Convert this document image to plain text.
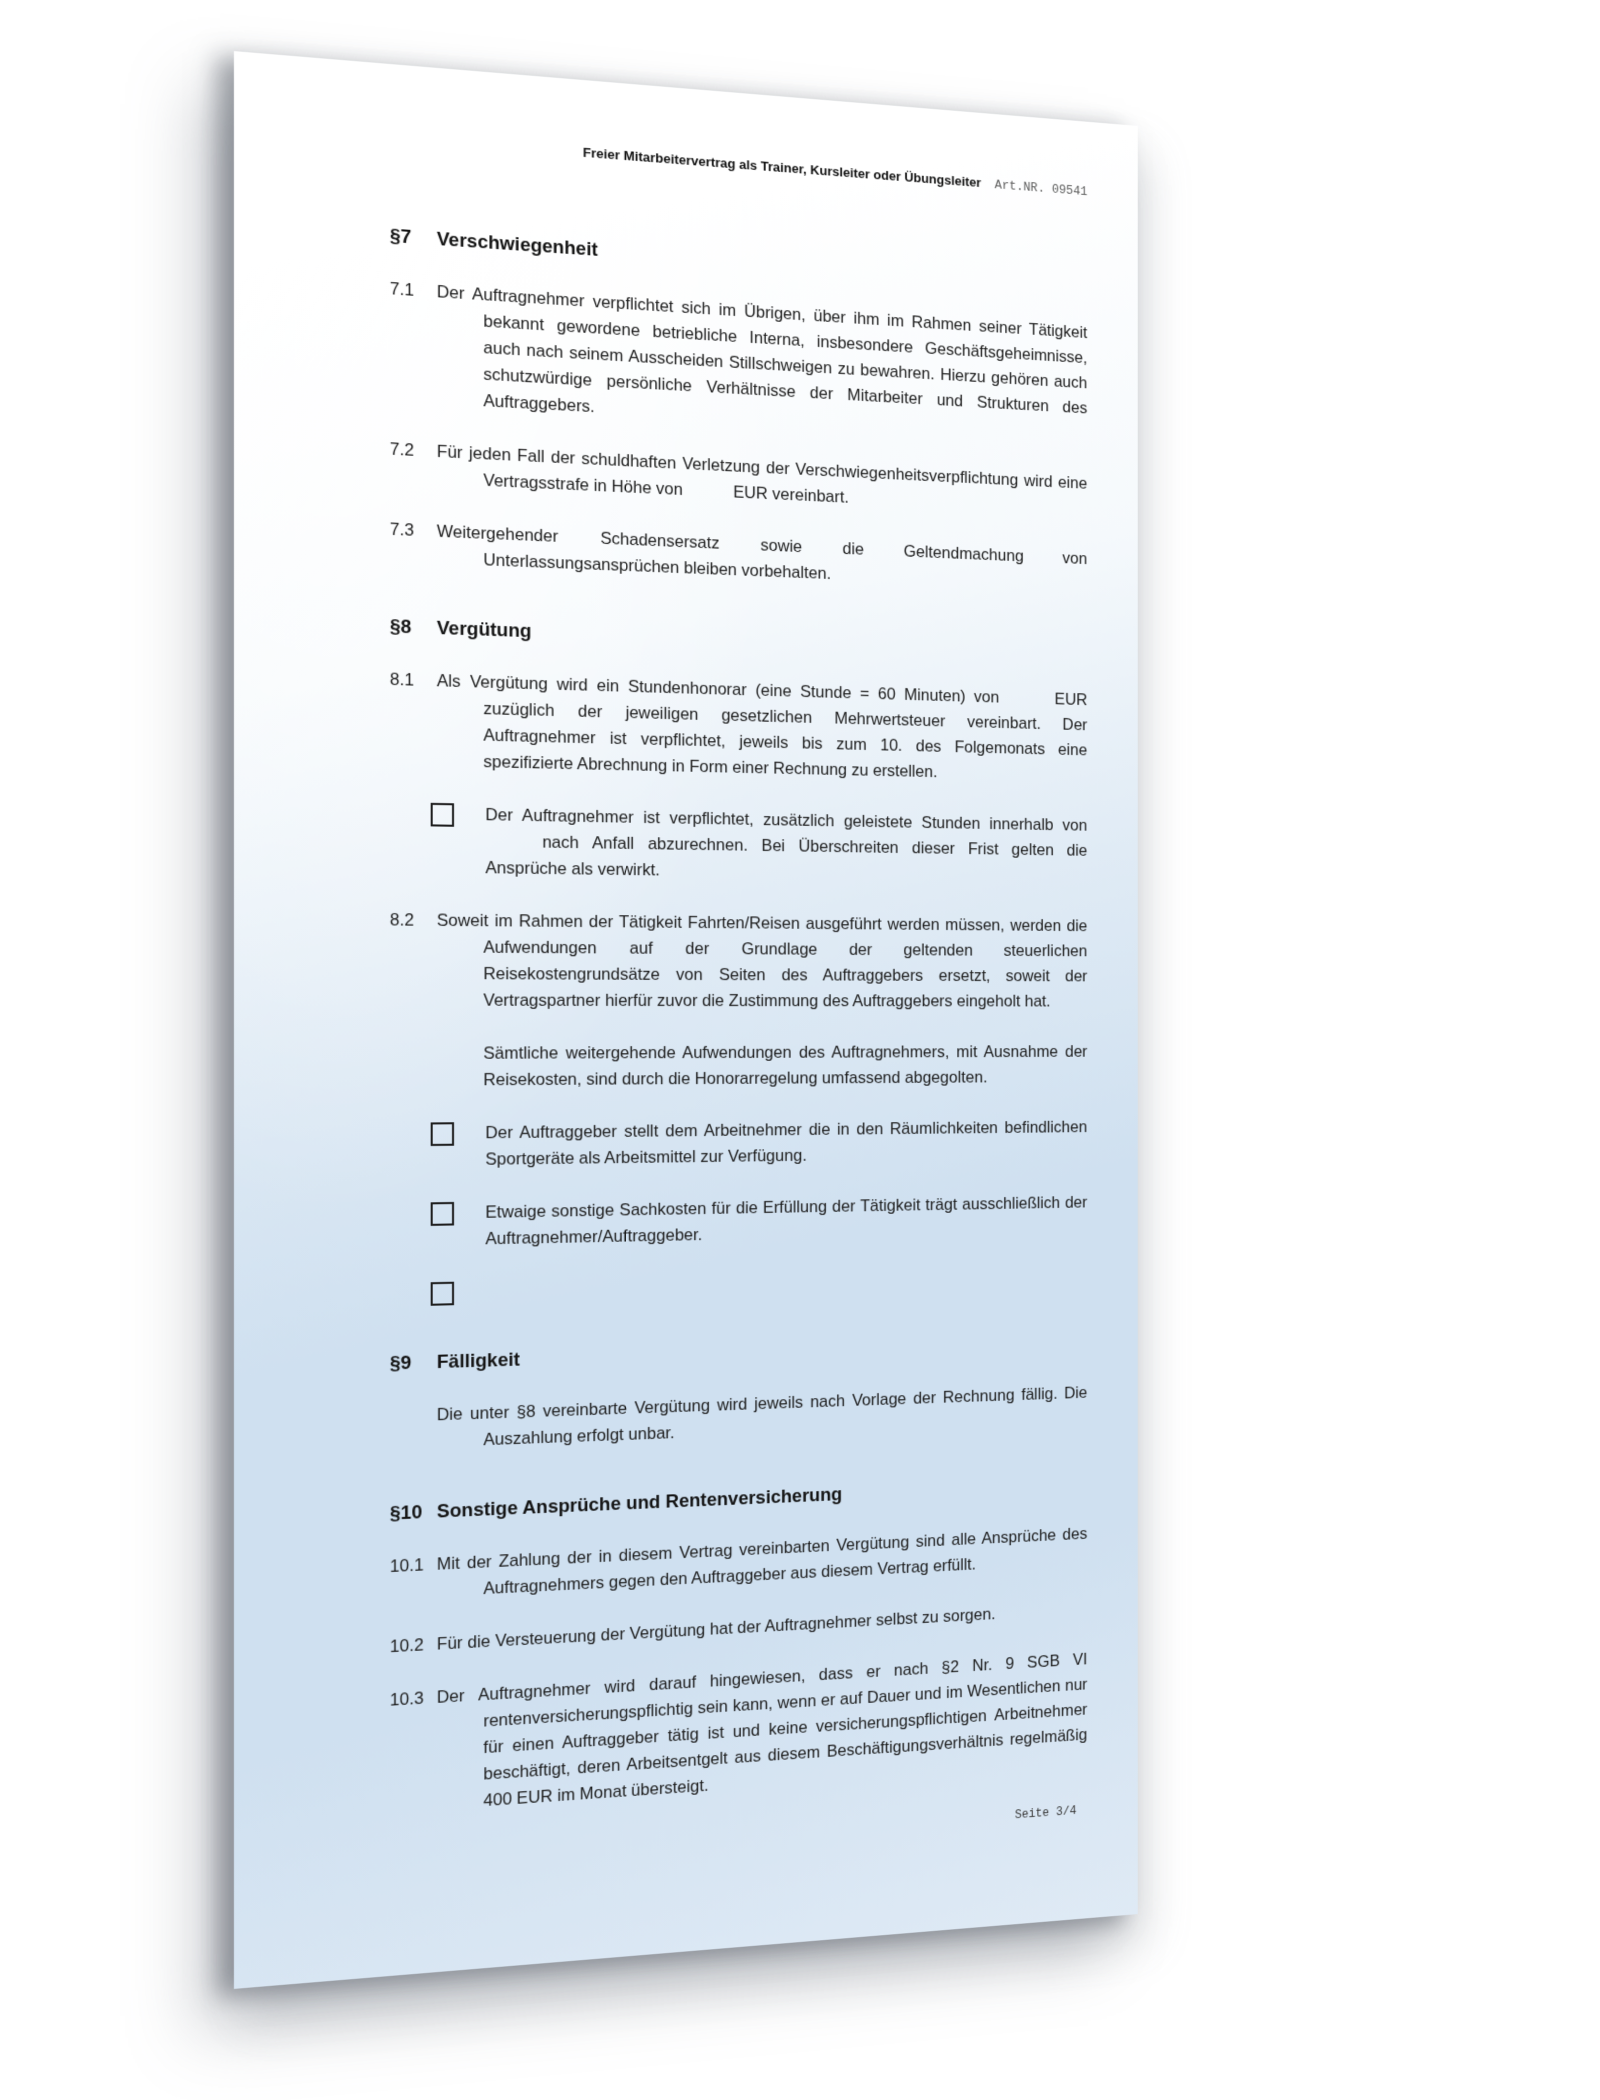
Freier Mitarbeitervertrag als Trainer, Kursleiter oder Übungsleiter Art.NR. 09541
§7	Verschwiegenheit
7.1	Der Auftragnehmer verpflichtet sich im Übrigen, über ihm im Rahmen seiner Tätigkeit bekannt gewordene betriebliche Interna, insbesondere Geschäftsgeheimnisse, auch nach seinem Ausscheiden Stillschweigen zu bewahren. Hierzu gehören auch schutzwürdige persönliche Verhältnisse der Mitarbeiter und Strukturen des Auftraggebers.
7.2	Für jeden Fall der schuldhaften Verletzung der Verschwiegenheitsverpflichtung wird eine Vertragsstrafe in Höhe von     EUR vereinbart.
7.3	Weitergehender Schadensersatz sowie die Geltendmachung von Unterlassungsansprüchen bleiben vorbehalten.
§8	Vergütung
8.1	Als Vergütung wird ein Stundenhonorar (eine Stunde = 60 Minuten) von     EUR zuzüglich der jeweiligen gesetzlichen Mehrwertsteuer vereinbart. Der Auftragnehmer ist verpflichtet, jeweils bis zum 10. des Folgemonats eine spezifizierte Abrechnung in Form einer Rechnung zu erstellen.
Der Auftragnehmer ist verpflichtet, zusätzlich geleistete Stunden innerhalb von     nach Anfall abzurechnen. Bei Überschreiten dieser Frist gelten die Ansprüche als verwirkt.
8.2	Soweit im Rahmen der Tätigkeit Fahrten/Reisen ausgeführt werden müssen, werden die Aufwendungen auf der Grundlage der geltenden steuerlichen Reisekostengrundsätze von Seiten des Auftraggebers ersetzt, soweit der Vertragspartner hierfür zuvor die Zustimmung des Auftraggebers eingeholt hat.
Sämtliche weitergehende Aufwendungen des Auftragnehmers, mit Ausnahme der Reisekosten, sind durch die Honorarregelung umfassend abgegolten.
Der Auftraggeber stellt dem Arbeitnehmer die in den Räumlichkeiten befindlichen Sportgeräte als Arbeitsmittel zur Verfügung.
Etwaige sonstige Sachkosten für die Erfüllung der Tätigkeit trägt ausschließlich der Auftragnehmer/Auftraggeber.
§9	Fälligkeit
Die unter §8 vereinbarte Vergütung wird jeweils nach Vorlage der Rechnung fällig. Die Auszahlung erfolgt unbar.
§10 Sonstige Ansprüche und Rentenversicherung
10.1 Mit der Zahlung der in diesem Vertrag vereinbarten Vergütung sind alle Ansprüche des Auftragnehmers gegen den Auftraggeber aus diesem Vertrag erfüllt.
10.2 Für die Versteuerung der Vergütung hat der Auftragnehmer selbst zu sorgen.
10.3 Der Auftragnehmer wird darauf hingewiesen, dass er nach §2 Nr. 9 SGB VI rentenversicherungspflichtig sein kann, wenn er auf Dauer und im Wesentlichen nur für einen Auftraggeber tätig ist und keine versicherungspflichtigen Arbeitnehmer beschäftigt, deren Arbeitsentgelt aus diesem Beschäftigungsverhältnis regelmäßig 400 EUR im Monat übersteigt.
Seite 3/4
